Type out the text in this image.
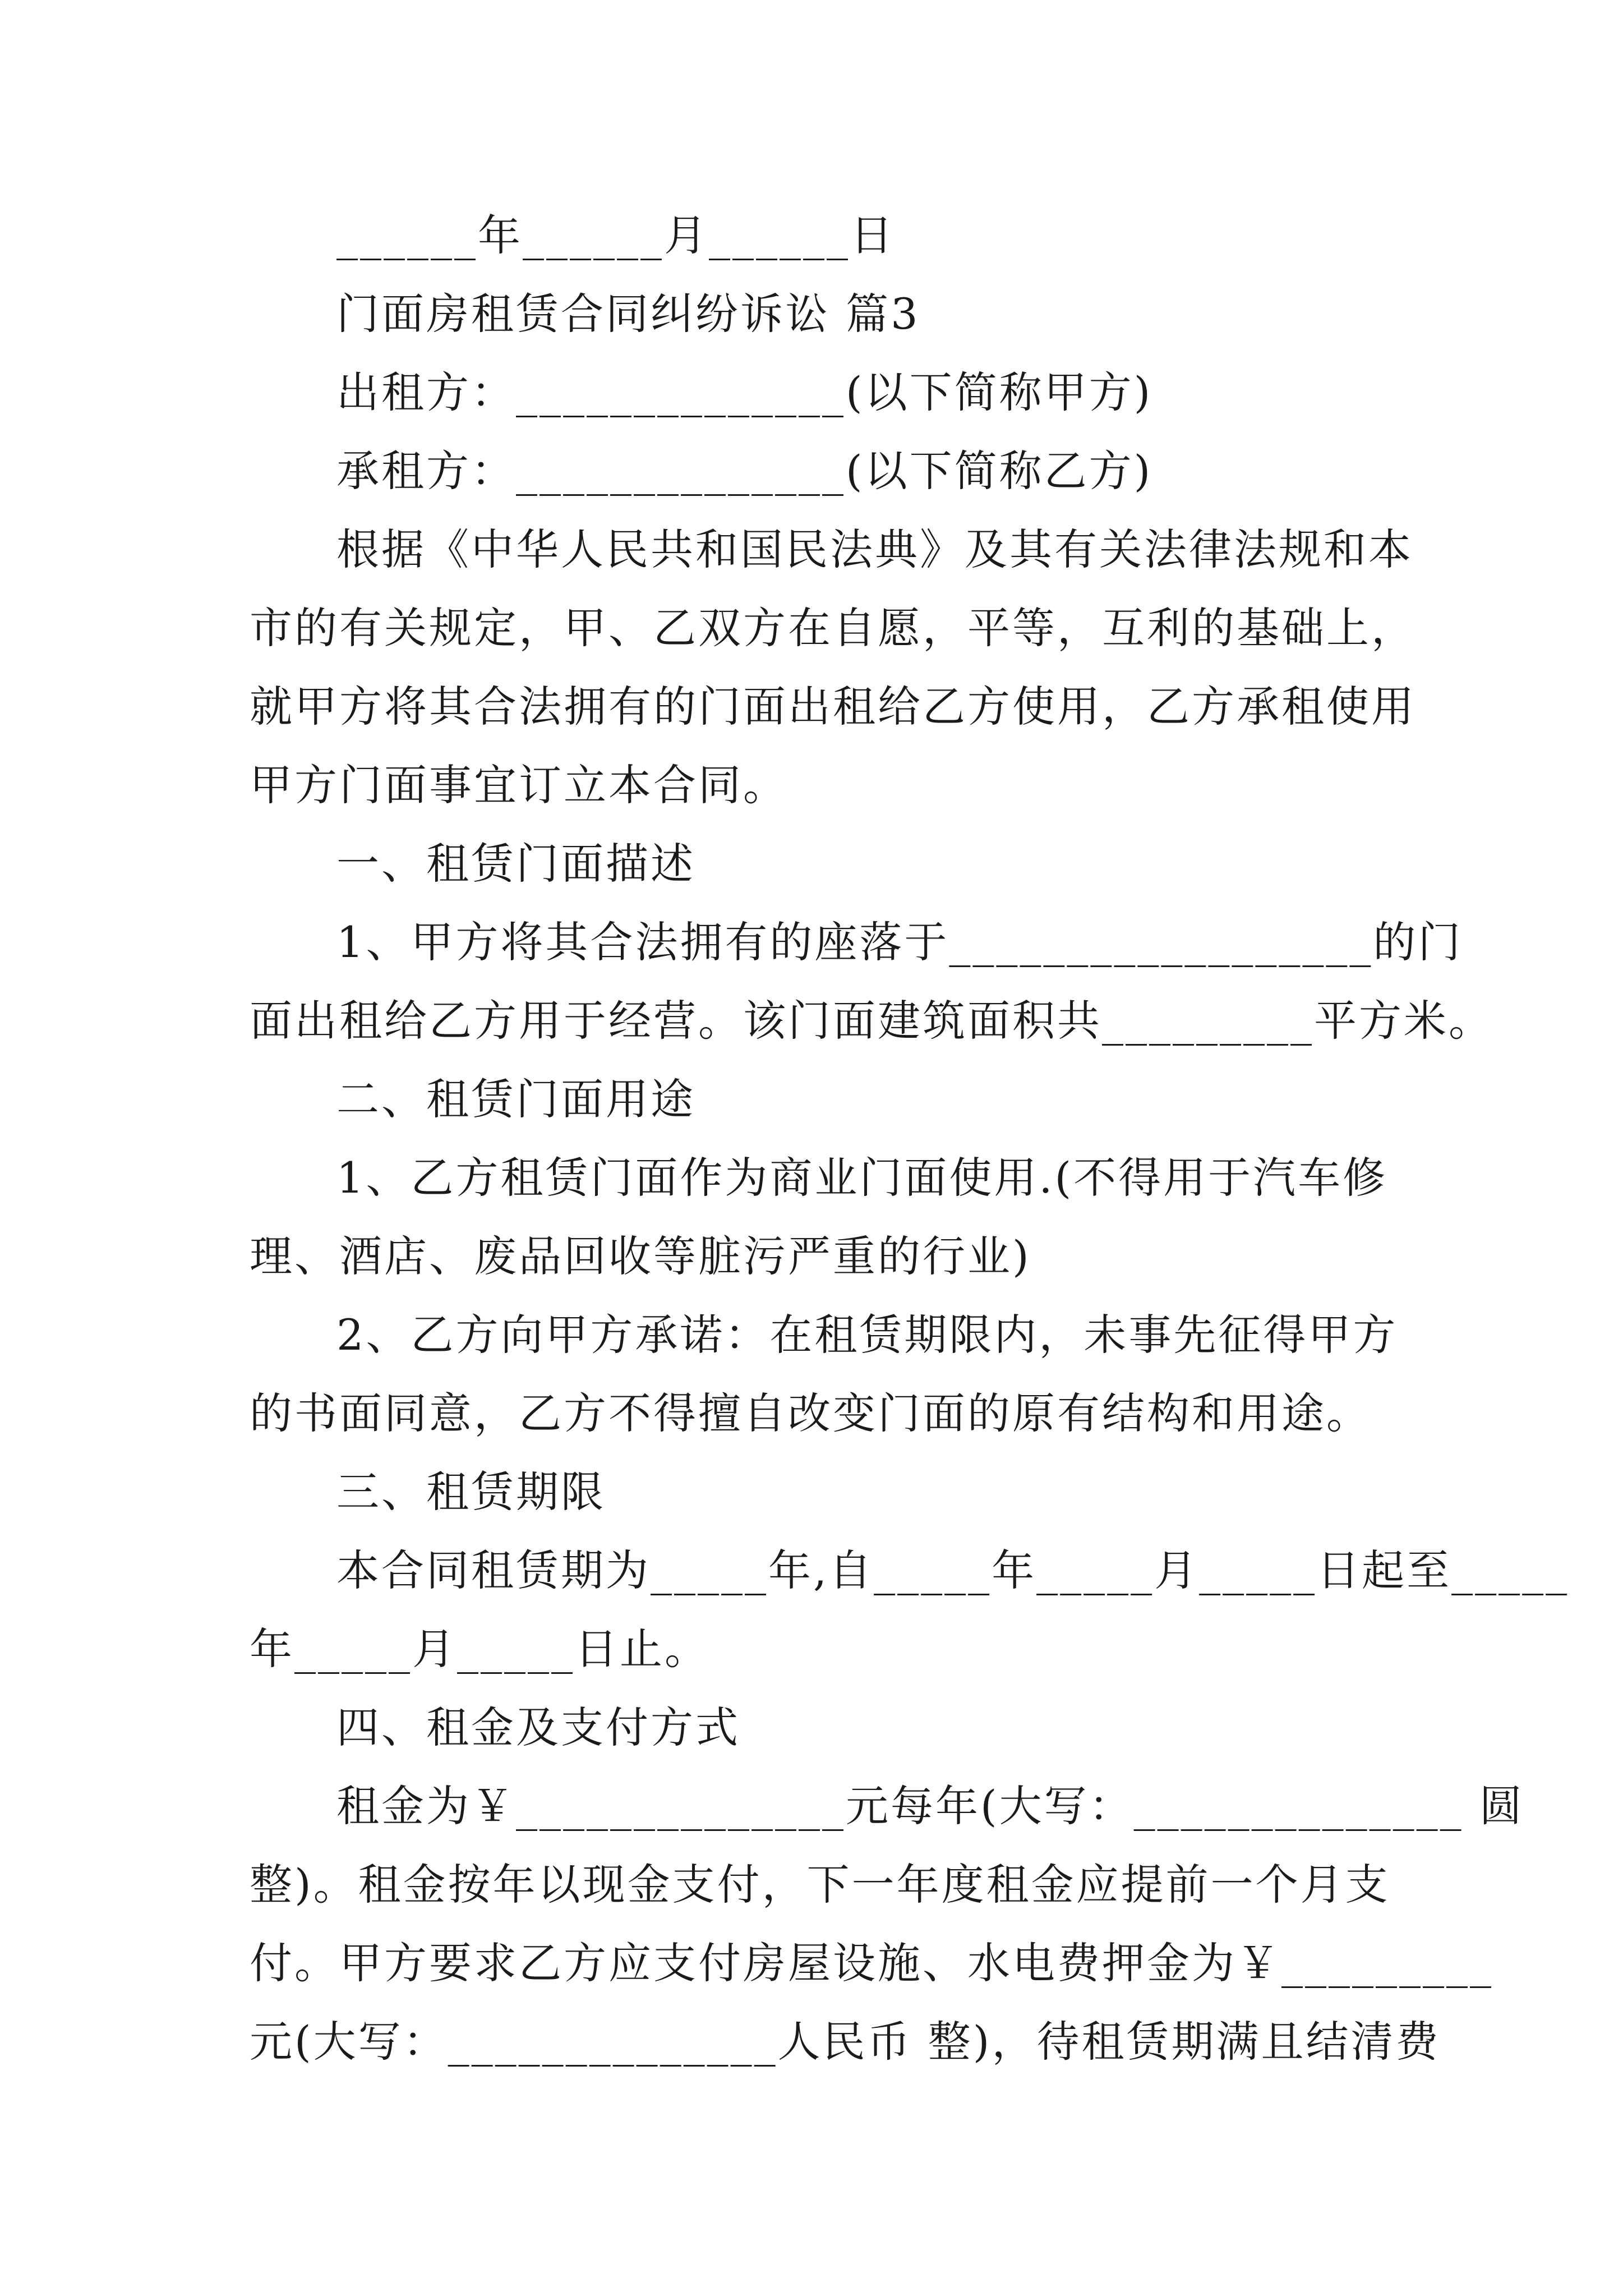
______年______月______日
门面房租赁合同纠纷诉讼 篇3
出租方：______________(以下简称甲方)
承租方：______________(以下简称乙方)
根据《中华人民共和国民法典》及其有关法律法规和本
市的有关规定，甲、乙双方在自愿，平等，互利的基础上，
就甲方将其合法拥有的门面出租给乙方使用，乙方承租使用
甲方门面事宜订立本合同。
一、租赁门面描述
1、甲方将其合法拥有的座落于__________________的门
面出租给乙方用于经营。该门面建筑面积共_________平方米。
二、租赁门面用途
1、乙方租赁门面作为商业门面使用.(不得用于汽车修
理、酒店、废品回收等脏污严重的行业)
2、乙方向甲方承诺：在租赁期限内，未事先征得甲方
的书面同意，乙方不得擅自改变门面的原有结构和用途。
三、租赁期限
本合同租赁期为_____年,自_____年_____月_____日起至_____
年_____月_____日止。
四、租金及支付方式
租金为￥______________元每年(大写：______________ 圆
整)。租金按年以现金支付，下一年度租金应提前一个月支
付。甲方要求乙方应支付房屋设施、水电费押金为￥_________
元(大写：______________人民币 整)，待租赁期满且结清费
